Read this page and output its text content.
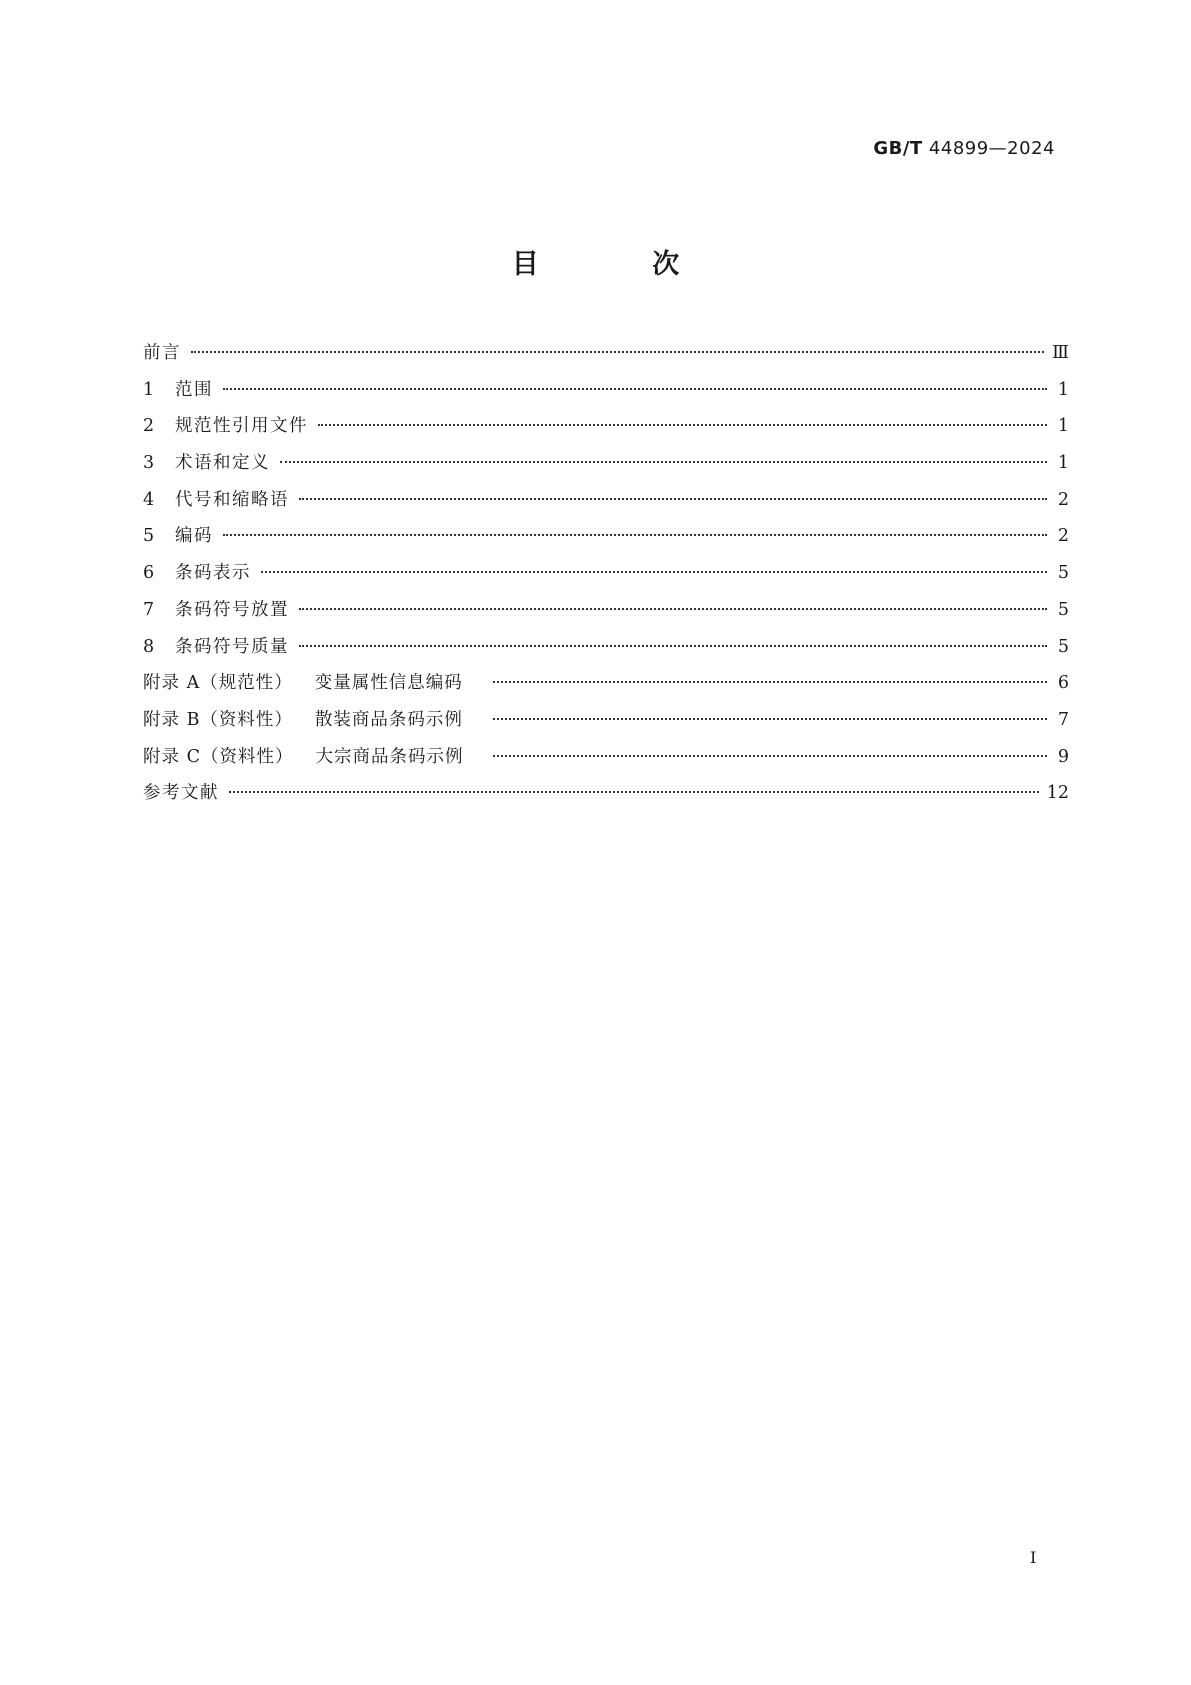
GB/T 44899—2024
目 次
前言	Ⅲ
1	范围	1
2	规范性引用文件	1
3	术语和定义	1
4	代号和缩略语	2
5	编码	2
6	条码表示	5
7	条码符号放置	5
8	条码符号质量	5
附录 A（规范性） 变量属性信息编码	6
附录 B（资料性） 散装商品条码示例	7
附录 C（资料性） 大宗商品条码示例	9
参考文献	12
Ⅰ
